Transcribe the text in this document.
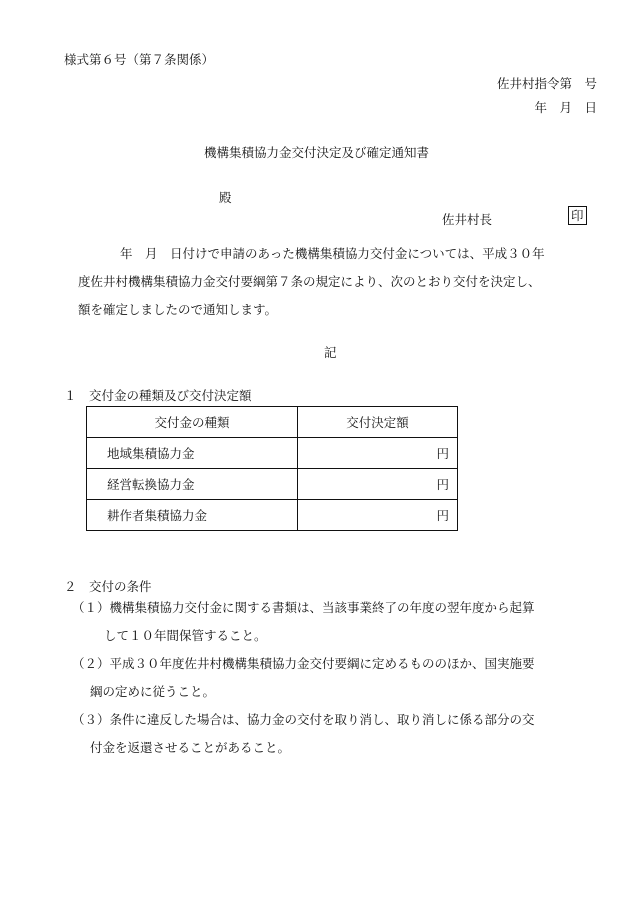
様式第６号（第７条関係）
佐井村指令第　号
年　月　日
機構集積協力金交付決定及び確定通知書
殿
佐井村長	印
年　月　日付けで申請のあった機構集積協力交付金については、平成３０年
度佐井村機構集積協力金交付要綱第７条の規定により、次のとおり交付を決定し、
額を確定しましたので通知します。
記
１　交付金の種類及び交付決定額
交付金の種類	交付決定額
地域集積協力金	円
経営転換協力金	円
耕作者集積協力金	円
２　交付の条件
（１）機構集積協力交付金に関する書類は、当該事業終了の年度の翌年度から起算
して１０年間保管すること。
（２）平成３０年度佐井村機構集積協力金交付要綱に定めるもののほか、国実施要
綱の定めに従うこと。
（３）条件に違反した場合は、協力金の交付を取り消し、取り消しに係る部分の交
付金を返還させることがあること。
